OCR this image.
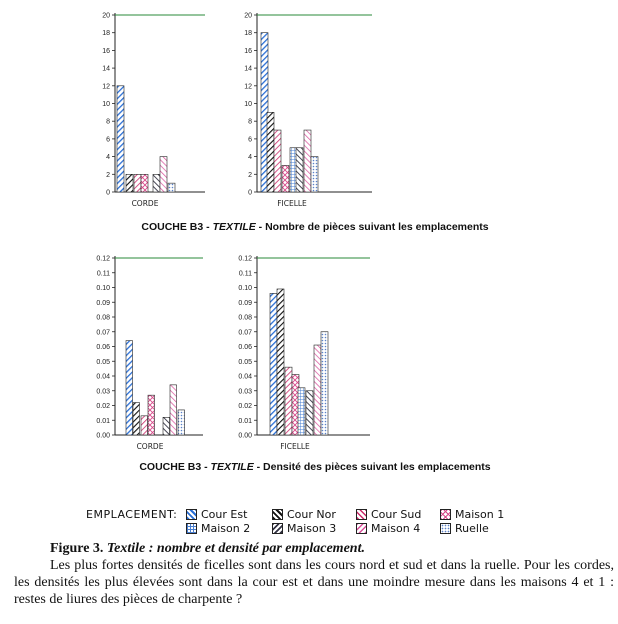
0
2
4
6
8
10
12
14
16
18
20
CORDE
0
2
4
6
8
10
12
14
16
18
20
FICELLE
0.00
0.01
0.02
0.03
0.04
0.05
0.06
0.07
0.08
0.09
0.10
0.11
0.12
CORDE
0.00
0.01
0.02
0.03
0.04
0.05
0.06
0.07
0.08
0.09
0.10
0.11
0.12
FICELLE
COUCHE B3 - TEXTILE - Nombre de pièces suivant les emplacements
COUCHE B3 - TEXTILE - Densité des pièces suivant les emplacements
EMPLACEMENT: Cour Est	Cour Nor	Cour Sud	Maison 1
Maison 2	Maison 3	Maison 4	Ruelle
Figure 3. Textile : nombre et densité par emplacement.
Les plus fortes densités de ficelles sont dans les cours nord et sud et dans la ruelle. Pour les cordes, les densités les plus élevées sont dans la cour est et dans une moindre mesure dans les maisons 4 et 1 : restes de liures des pièces de charpente ?
